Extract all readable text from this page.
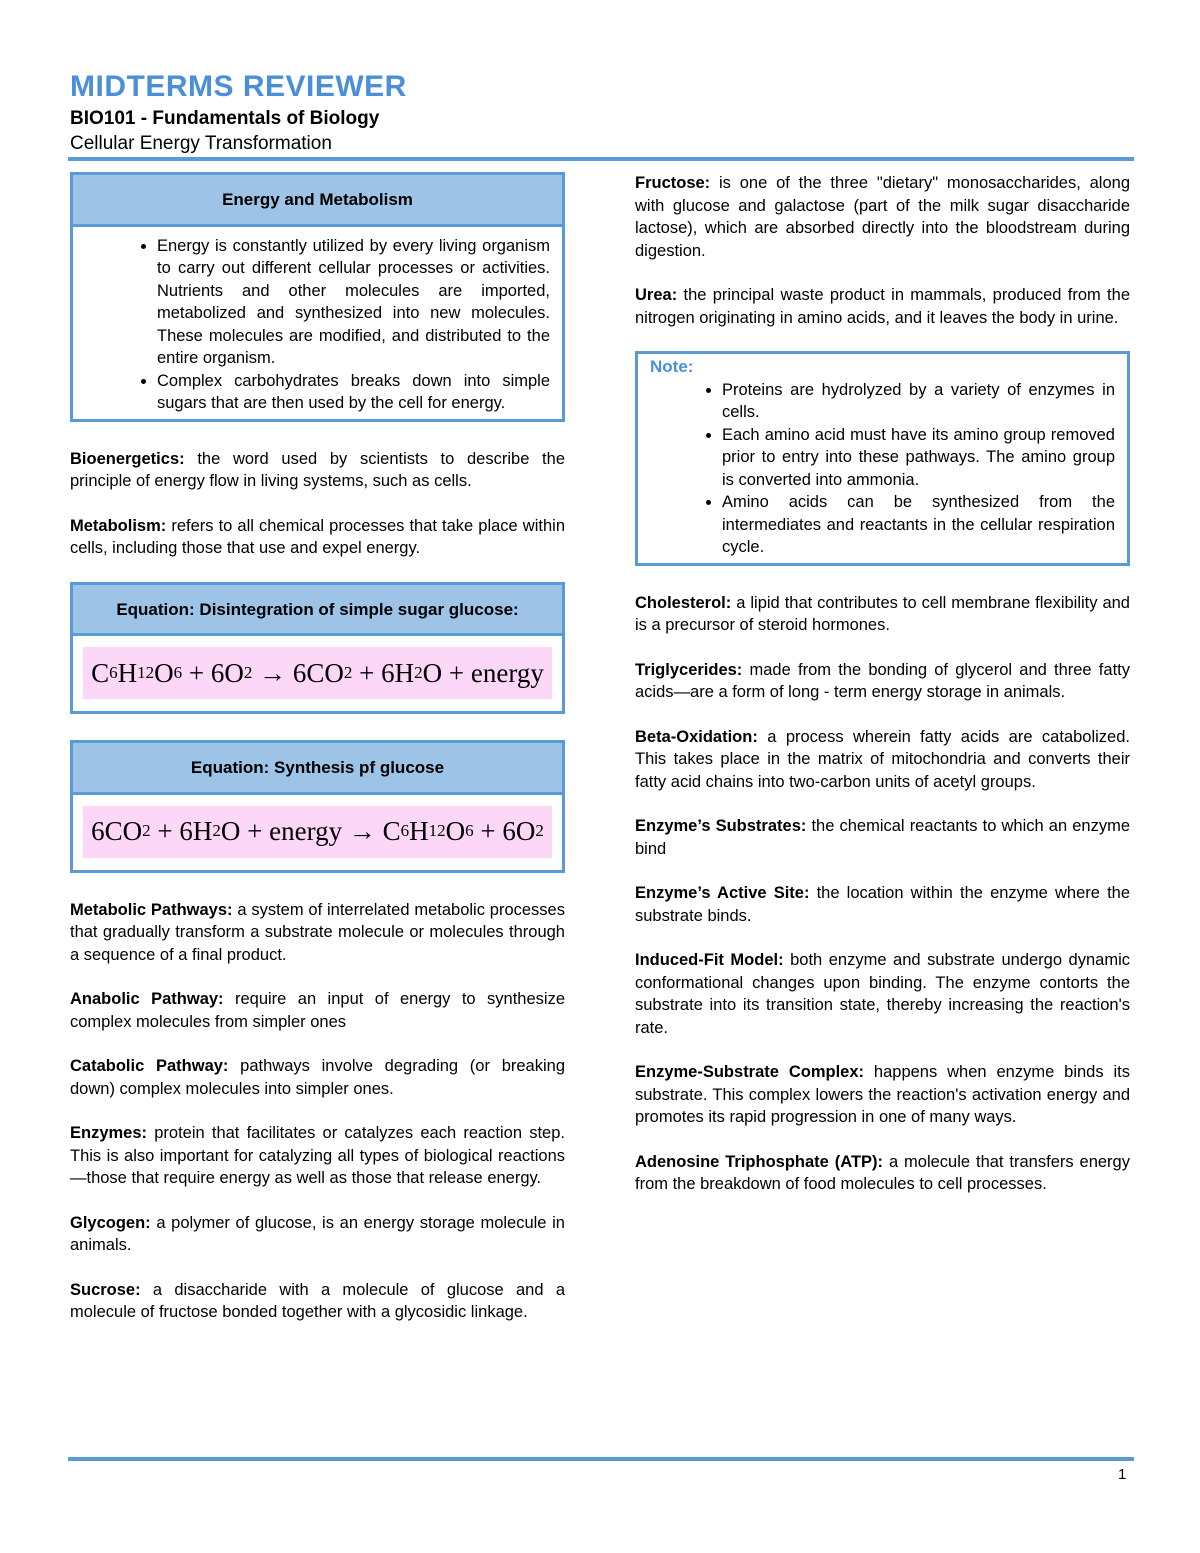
MIDTERMS REVIEWER
BIO101 - Fundamentals of Biology
Cellular Energy Transformation
Energy and Metabolism
• Energy is constantly utilized by every living organism to carry out different cellular processes or activities. Nutrients and other molecules are imported, metabolized and synthesized into new molecules. These molecules are modified, and distributed to the entire organism.
• Complex carbohydrates breaks down into simple sugars that are then used by the cell for energy.

Bioenergetics: the word used by scientists to describe the principle of energy flow in living systems, such as cells.

Metabolism: refers to all chemical processes that take place within cells, including those that use and expel energy.

Equation: Disintegration of simple sugar glucose:
C 6 H 12 O 6 + 6O 2 → 6CO 2 + 6H 2 O + energy
Equation: Synthesis pf glucose
6CO 2 + 6H 2 O + energy → C 6 H 12 O 6 + 6O 2

Metabolic Pathways: a system of interrelated metabolic processes that gradually transform a substrate molecule or molecules through a sequence of a final product.

Anabolic Pathway: require an input of energy to synthesize complex molecules from simpler ones

Catabolic Pathway: pathways involve degrading (or breaking down) complex molecules into simpler ones.

Enzymes: protein that facilitates or catalyzes each reaction step. This is also important for catalyzing all types of biological reactions—those that require energy as well as those that release energy.

Glycogen: a polymer of glucose, is an energy storage molecule in animals.

Sucrose: a disaccharide with a molecule of glucose and a molecule of fructose bonded together with a glycosidic linkage.

Fructose: is one of the three "dietary" monosaccharides, along with glucose and galactose (part of the milk sugar disaccharide lactose), which are absorbed directly into the bloodstream during digestion.

Urea: the principal waste product in mammals, produced from the nitrogen originating in amino acids, and it leaves the body in urine.

Note:
• Proteins are hydrolyzed by a variety of enzymes in cells.
• Each amino acid must have its amino group removed prior to entry into these pathways. The amino group is converted into ammonia.
• Amino acids can be synthesized from the intermediates and reactants in the cellular respiration cycle.

Cholesterol: a lipid that contributes to cell membrane flexibility and is a precursor of steroid hormones.

Triglycerides: made from the bonding of glycerol and three fatty acids—are a form of long - term energy storage in animals.

Beta-Oxidation: a process wherein fatty acids are catabolized. This takes place in the matrix of mitochondria and converts their fatty acid chains into two-carbon units of acetyl groups.

Enzyme’s Substrates: the chemical reactants to which an enzyme bind

Enzyme’s Active Site: the location within the enzyme where the substrate binds.

Induced-Fit Model: both enzyme and substrate undergo dynamic conformational changes upon binding. The enzyme contorts the substrate into its transition state, thereby increasing the reaction's rate.

Enzyme-Substrate Complex: happens when enzyme binds its substrate. This complex lowers the reaction's activation energy and promotes its rapid progression in one of many ways.

Adenosine Triphosphate (ATP): a molecule that transfers energy from the breakdown of food molecules to cell processes.

1
